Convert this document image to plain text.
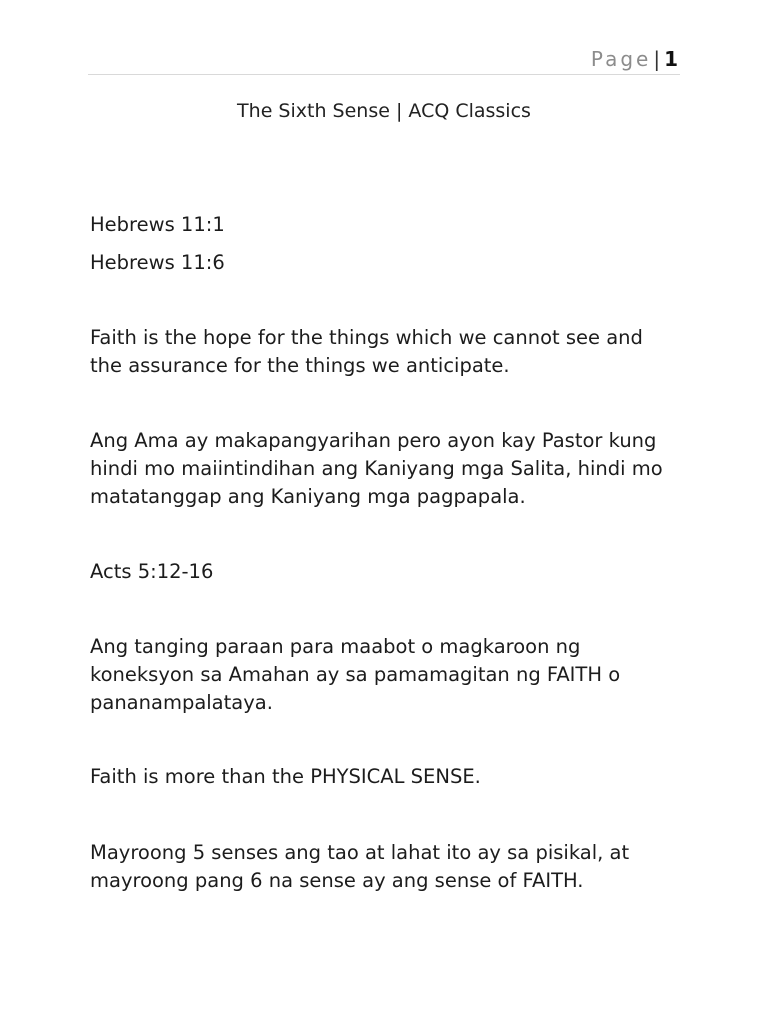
Page | 1
The Sixth Sense | ACQ Classics

Hebrews 11:1

Hebrews 11:6

Faith is the hope for the things which we cannot see and the assurance for the things we anticipate.

Ang Ama ay makapangyarihan pero ayon kay Pastor kung hindi mo maiintindihan ang Kaniyang mga Salita, hindi mo matatanggap ang Kaniyang mga pagpapala.

Acts 5:12-16

Ang tanging paraan para maabot o magkaroon ng koneksyon sa Amahan ay sa pamamagitan ng FAITH o pananampalataya.

Faith is more than the PHYSICAL SENSE.

Mayroong 5 senses ang tao at lahat ito ay sa pisikal, at mayroong pang 6 na sense ay ang sense of FAITH.
